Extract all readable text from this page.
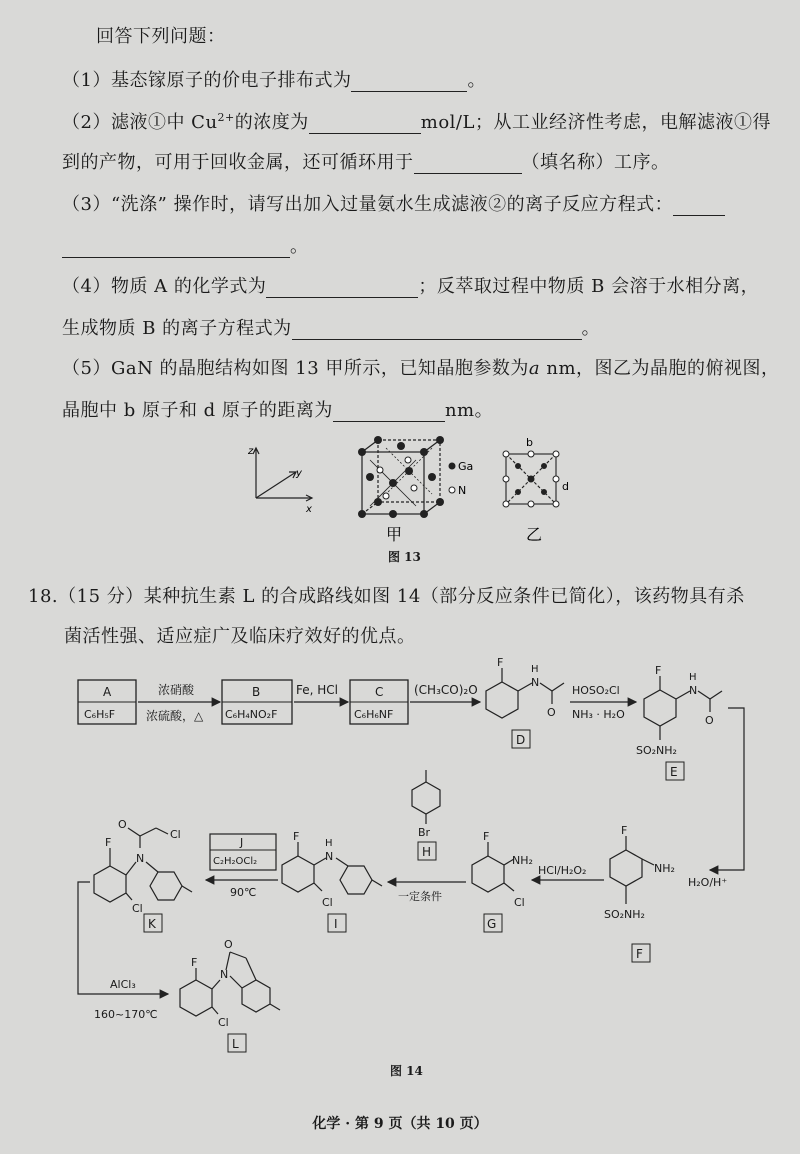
回答下列问题：
（1）基态镓原子的价电子排布式为	。
（2）滤液①中 $Cu^{2+}$的浓度为	mol/L；从工业经济性考虑，电解滤液①得
到的产物，可用于回收金属，还可循环用于	（填名称）工序。
（3）“洗涤” 操作时，请写出加入过量氨水生成滤液②的离子反应方程式：
。
（4）物质 A 的化学式为	；反萃取过程中物质 B 会溶于水相分离，
生成物质 B 的离子方程式为	。
（5）GaN 的晶胞结构如图 13 甲所示，已知晶胞参数为a nm，图乙为晶胞的俯视图，
晶胞中 b 原子和 d 原子的距离为	nm。
z
y
x
Ga
N
甲
b
d
乙
图 13
18.（15 分）某种抗生素 L 的合成路线如图 14（部分反应条件已简化），该药物具有杀
菌活性强、适应症广及临床疗效好的优点。
A
C₆H₅F
浓硝酸
浓硫酸，△
B
C₆H₄NO₂F
Fe, HCl	C
C₆H₆NF
(CH₃CO)₂O
F
H
N
O
D
HOSO₂Cl
NH₃ · H₂O
F
H
N
O
SO₂NH₂
E
H₂O/H⁺
F
NH₂
SO₂NH₂
F
HCl/H₂O₂
F
NH₂
Cl
G
Br
H
一定条件
F
H
N
Cl
I
J
C₂H₂OCl₂
90℃
O
Cl
F
N
Cl
K
AlCl₃
160~170℃
O
F
N
Cl
L
图 14
化学 · 第 9 页（共 10 页）
